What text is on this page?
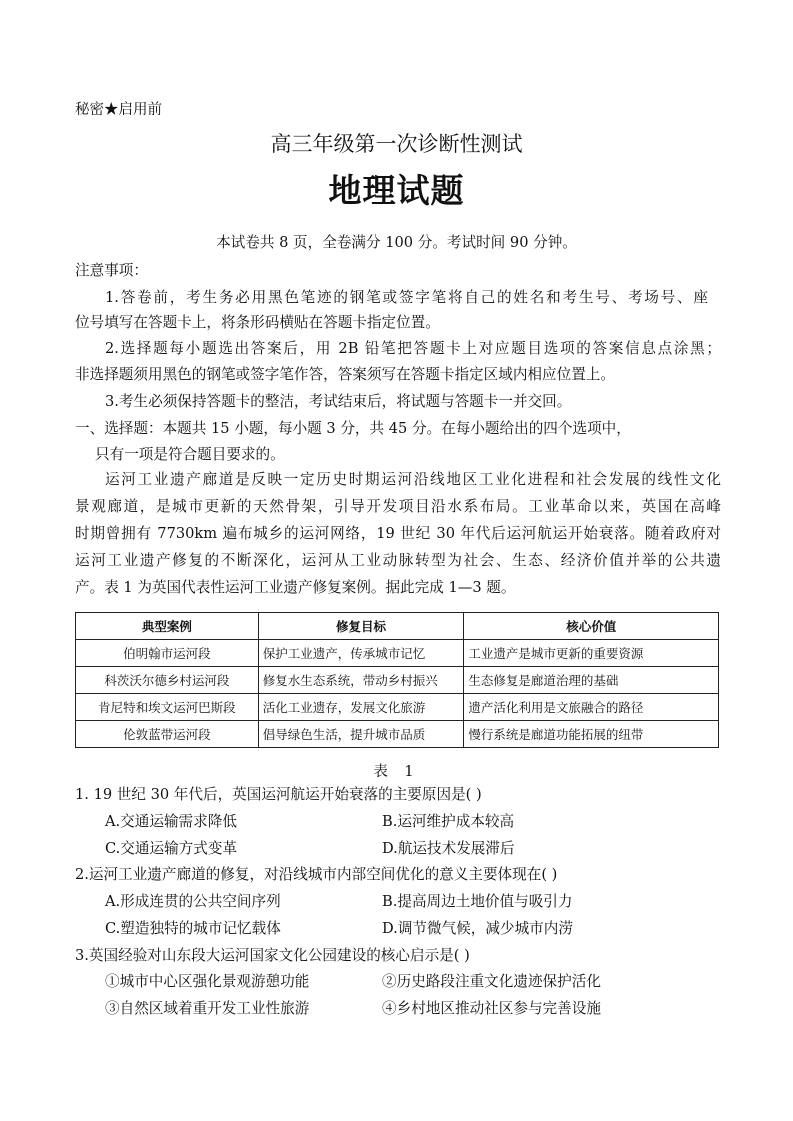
秘密★启用前
高三年级第一次诊断性测试
地理试题
本试卷共 8 页，全卷满分 100 分。考试时间 90 分钟。
注意事项：
1.答卷前，考生务必用黑色笔迹的钢笔或签字笔将自己的姓名和考生号、考场号、座
位号填写在答题卡上，将条形码横贴在答题卡指定位置。
2.选择题每小题选出答案后，用 2B 铅笔把答题卡上对应题目选项的答案信息点涂黑；
非选择题须用黑色的钢笔或签字笔作答，答案须写在答题卡指定区域内相应位置上。
3.考生必须保持答题卡的整洁，考试结束后，将试题与答题卡一并交回。
一、选择题：本题共 15 小题，每小题 3 分，共 45 分。在每小题给出的四个选项中，
只有一项是符合题目要求的。
运河工业遗产廊道是反映一定历史时期运河沿线地区工业化进程和社会发展的线性文化
景观廊道，是城市更新的天然骨架，引导开发项目沿水系布局。工业革命以来，英国在高峰
时期曾拥有 7730km 遍布城乡的运河网络，19 世纪 30 年代后运河航运开始衰落。随着政府对
运河工业遗产修复的不断深化，运河从工业动脉转型为社会、生态、经济价值并举的公共遗
产。表 1 为英国代表性运河工业遗产修复案例。据此完成 1—3 题。
典型案例	修复目标	核心价值
伯明翰市运河段	保护工业遗产，传承城市记忆	工业遗产是城市更新的重要资源
科茨沃尔德乡村运河段	修复水生态系统，带动乡村振兴	生态修复是廊道治理的基础
肯尼特和埃文运河巴斯段	活化工业遗存，发展文化旅游	遗产活化利用是文旅融合的路径
伦敦蓝带运河段	倡导绿色生活，提升城市品质	慢行系统是廊道功能拓展的纽带
表 1
1. 19 世纪 30 年代后，英国运河航运开始衰落的主要原因是( )
A.交通运输需求降低	B.运河维护成本较高
C.交通运输方式变革	D.航运技术发展滞后
2.运河工业遗产廊道的修复，对沿线城市内部空间优化的意义主要体现在( )
A.形成连贯的公共空间序列	B.提高周边土地价值与吸引力
C.塑造独特的城市记忆载体	D.调节微气候，减少城市内涝
3.英国经验对山东段大运河国家文化公园建设的核心启示是( )
①城市中心区强化景观游憩功能	②历史路段注重文化遗迹保护活化
③自然区域着重开发工业性旅游	④乡村地区推动社区参与完善设施
